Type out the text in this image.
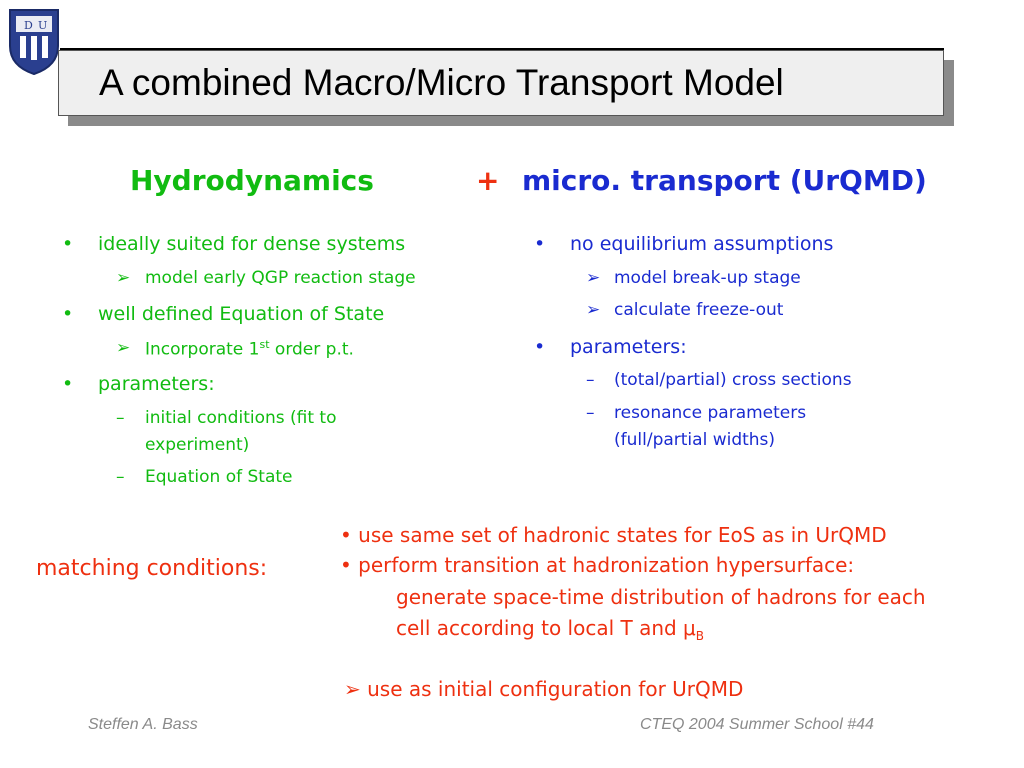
D U
A combined Macro/Micro Transport Model
Hydrodynamics	+ micro. transport (UrQMD)
• ideally suited for dense systems
➢ model early QGP reaction stage
• well defined Equation of State
➢ Incorporate 1st order p.t.
• parameters:
– initial conditions (fit to
experiment)
– Equation of State
• no equilibrium assumptions
➢ model break-up stage
➢ calculate freeze-out
• parameters:
– (total/partial) cross sections
– resonance parameters
(full/partial widths)
matching conditions:
• use same set of hadronic states for EoS as in UrQMD
• perform transition at hadronization hypersurface:
generate space-time distribution of hadrons for each
cell according to local T and $\mu_B$
➢ use as initial configuration for UrQMD
Steffen A. Bass	CTEQ 2004 Summer School #44
